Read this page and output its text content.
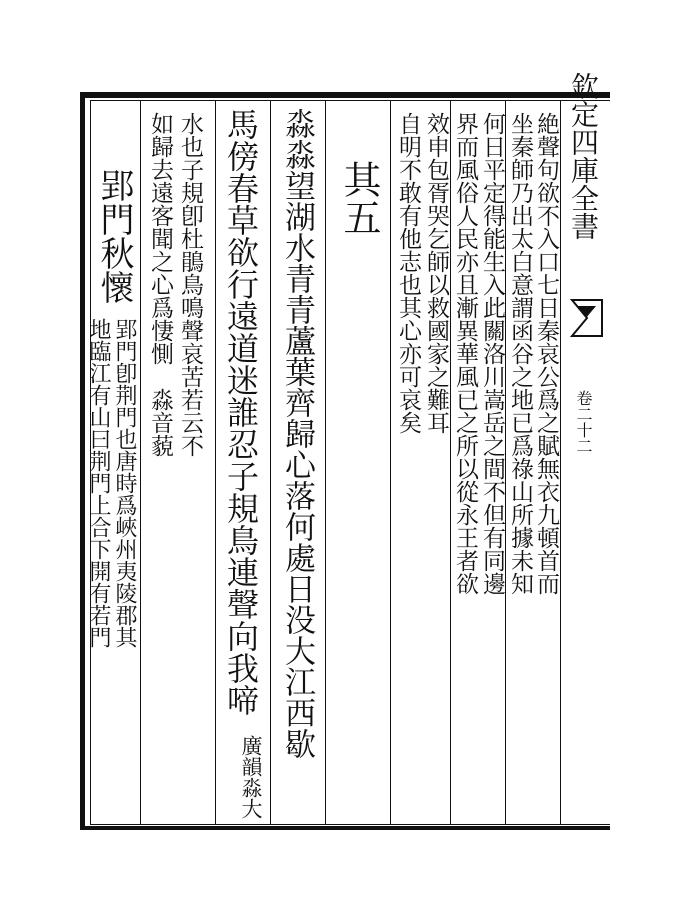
欽定四庫全書
卷二十二
絶聲句欲不入口七日秦哀公爲之賦無衣九頓首而
坐秦師乃出太白意謂函谷之地已爲祿山所據未知
何日平定得能生入此關洛川嵩岳之間不但有同邊
界而風俗人民亦且漸異華風已之所以從永王者欲
效申包胥哭乞師以救國家之難耳
自明不敢有他志也其心亦可哀矣
其五
淼淼望湖水青青蘆葉齊歸心落何處日没大江西歇
馬傍春草欲行遠道迷誰忍子規鳥連聲向我啼
廣韻淼大
水也子規卽杜鵑鳥鳴聲哀苦若云不
如歸去遠客聞之心爲悽惻　淼音藐
郢門秋懷
郢門卽荆門也唐時爲峽州夷陵郡其
地臨江有山曰荆門上合下開有若門
